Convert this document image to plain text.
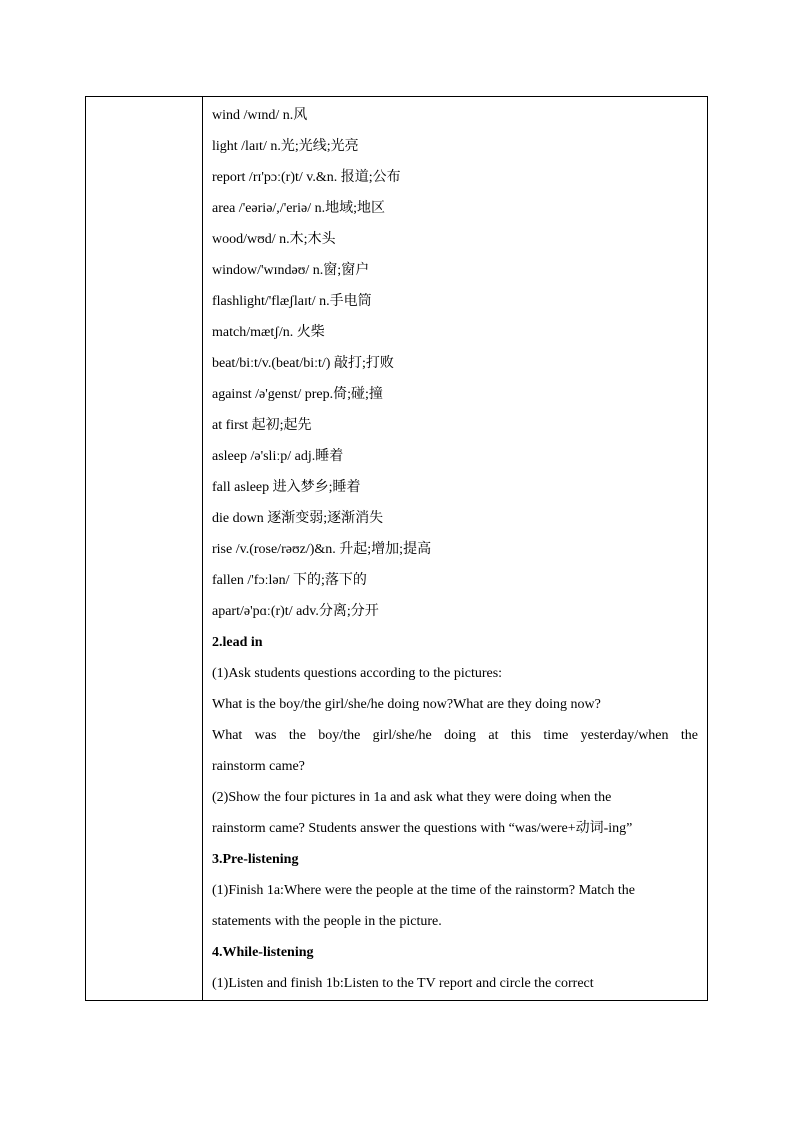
wind /wɪnd/ n.风
light /laɪt/ n.光;光线;光亮
report /rɪ'pɔː(r)t/ v.&n. 报道;公布
area /'eəriə/,/'eriə/ n.地域;地区
wood/wʊd/ n.木;木头
window/'wɪndəʊ/ n.窗;窗户
flashlight/'flæʃlaɪt/ n.手电筒
match/mætʃ/n. 火柴
beat/biːt/v.(beat/biːt/) 敲打;打败
against /ə'genst/ prep.倚;碰;撞
at first 起初;起先
asleep /ə'sliːp/ adj.睡着
fall asleep 进入梦乡;睡着
die down 逐渐变弱;逐渐消失
rise /v.(rose/rəʊz/)&n. 升起;增加;提高
fallen /'fɔːlən/ 下的;落下的
apart/ə'pɑː(r)t/ adv.分离;分开
2.lead in
(1)Ask students questions according to the pictures:
What is the boy/the girl/she/he doing now?What are they doing now?
What was the boy/the girl/she/he doing at this time yesterday/when the
rainstorm came?
(2)Show the four pictures in 1a and ask what they were doing when the
rainstorm came? Students answer the questions with “was/were+动词-ing”
3.Pre-listening
(1)Finish 1a:Where were the people at the time of the rainstorm? Match the
statements with the people in the picture.
4.While-listening
(1)Listen and finish 1b:Listen to the TV report and circle the correct
